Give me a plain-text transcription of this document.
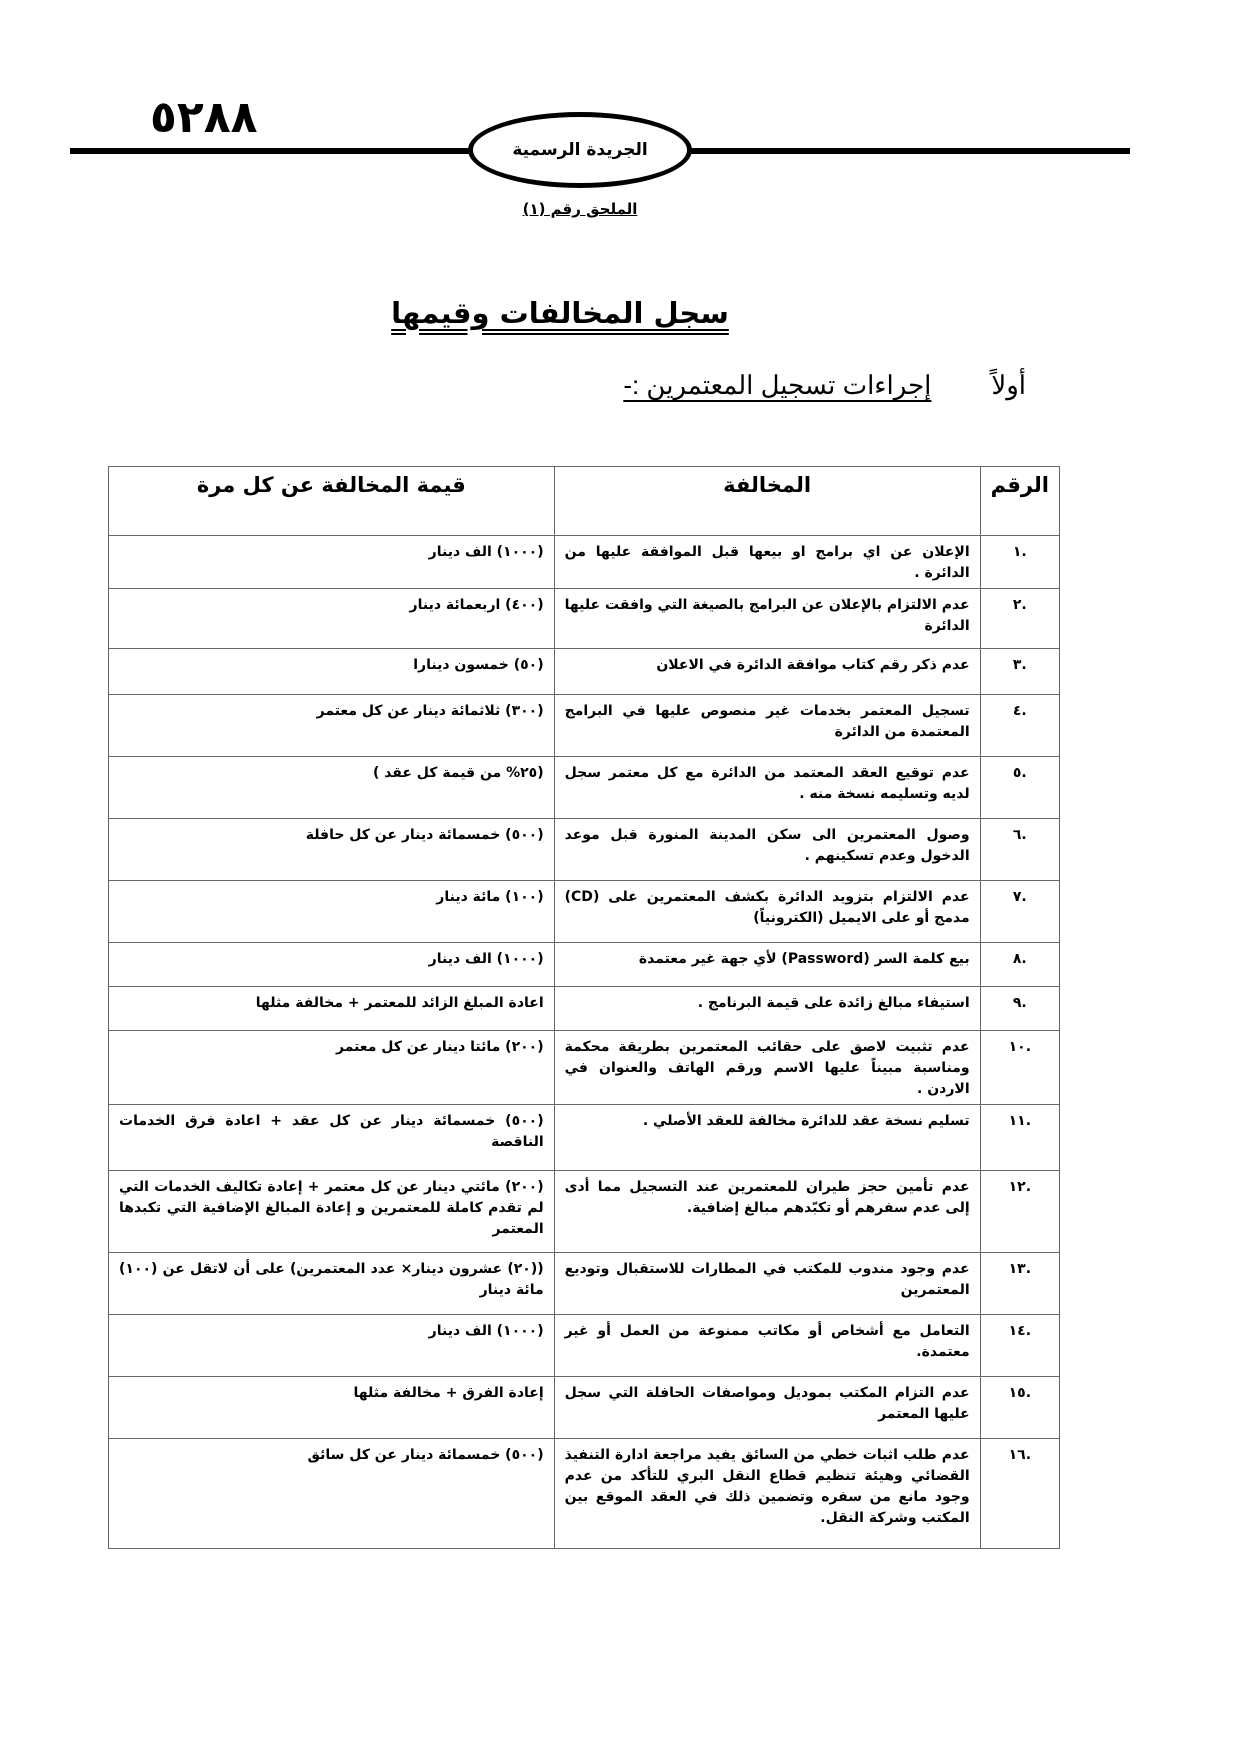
٥٢٨٨
الجريدة الرسمية
الملحق رقم (١)
سجل المخالفات وقيمها
أولاً
إجراءات تسجيل المعتمرين :-
الرقم	المخالفة	قيمة المخالفة عن كل مرة
.١	الإعلان عن اي برامج او بيعها قبل الموافقة عليها من الدائرة .	(١٠٠٠) الف دينار
.٢	عدم الالتزام بالإعلان عن البرامج بالصيغة التي وافقت عليها الدائرة	(٤٠٠) اربعمائة دينار
.٣	عدم ذكر رقم كتاب موافقة الدائرة في الاعلان	(٥٠) خمسون دينارا
.٤	تسجيل المعتمر بخدمات غير منصوص عليها في البرامج المعتمدة من الدائرة	(٣٠٠) ثلاثمائة دينار عن كل معتمر
.٥	عدم توقيع العقد المعتمد من الدائرة مع كل معتمر سجل لديه وتسليمه نسخة منه .	(٢٥% من قيمة كل عقد )
.٦	وصول المعتمرين الى سكن المدينة المنورة قبل موعد الدخول وعدم تسكينهم .	(٥٠٠) خمسمائة دينار عن كل حافلة
.٧	عدم الالتزام بتزويد الدائرة بكشف المعتمرين على (CD) مدمج أو على الايميل (الكترونياً)	(١٠٠) مائة دينار
.٨	بيع كلمة السر (Password) لأي جهة غير معتمدة	(١٠٠٠) الف دينار
.٩	استيفاء مبالغ زائدة على قيمة البرنامج .	اعادة المبلغ الزائد للمعتمر + مخالفة مثلها
.١٠	عدم تثبيت لاصق على حقائب المعتمرين بطريقة محكمة ومناسبة مبيناً عليها الاسم ورقم الهاتف والعنوان في الاردن .	(٢٠٠) مائتا دينار عن كل معتمر
.١١	تسليم نسخة عقد للدائرة مخالفة للعقد الأصلي .	(٥٠٠) خمسمائة دينار عن كل عقد + اعادة فرق الخدمات الناقصة
.١٢	عدم تأمين حجز طيران للمعتمرين عند التسجيل مما أدى إلى عدم سفرهم أو تكبّدهم مبالغ إضافية.	(٢٠٠) مائتي دينار عن كل معتمر + إعادة تكاليف الخدمات التي لم تقدم كاملة للمعتمرين و إعادة المبالغ الإضافية التي تكبدها المعتمر
.١٣	عدم وجود مندوب للمكتب في المطارات للاستقبال وتوديع المعتمرين	((٢٠) عشرون دينار× عدد المعتمرين) على أن لاتقل عن (١٠٠) مائة دينار
.١٤	التعامل مع أشخاص أو مكاتب ممنوعة من العمل أو غير معتمدة.	(١٠٠٠) الف دينار
.١٥	عدم التزام المكتب بموديل ومواصفات الحافلة التي سجل عليها المعتمر	إعادة الفرق + مخالفة مثلها
.١٦	عدم طلب اثبات خطي من السائق يفيد مراجعة ادارة التنفيذ القضائي وهيئة تنظيم قطاع النقل البري للتأكد من عدم وجود مانع من سفره وتضمين ذلك في العقد الموقع بين المكتب وشركة النقل.	(٥٠٠) خمسمائة دينار عن كل سائق
